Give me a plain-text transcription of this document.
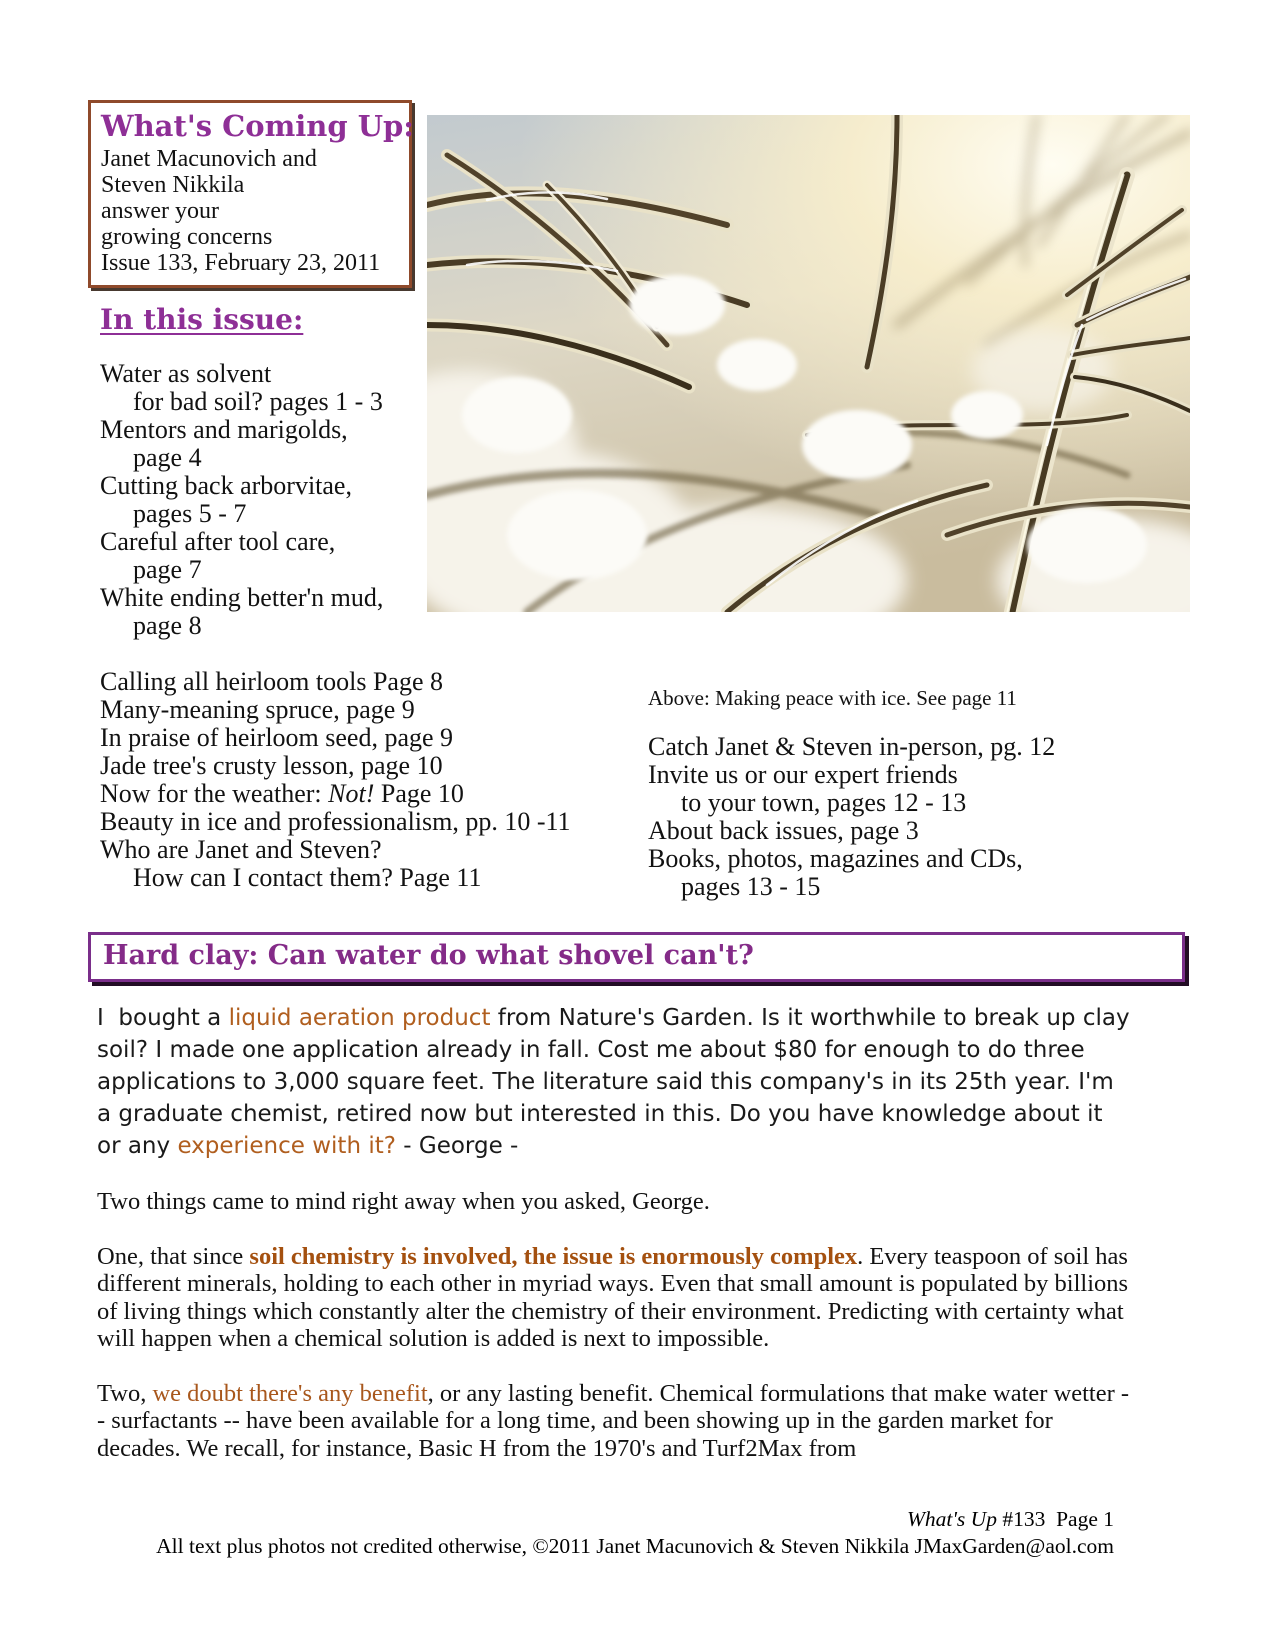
What's Coming Up:
Janet Macunovich and
Steven Nikkila
answer your
growing concerns
Issue 133, February 23, 2011
In this issue:
Water as solvent
for bad soil? pages 1 - 3
Mentors and marigolds,
page 4
Cutting back arborvitae,
pages 5 - 7
Careful after tool care,
page 7
White ending better'n mud,
page 8
Calling all heirloom tools Page 8
Many-meaning spruce, page 9
In praise of heirloom seed, page 9
Jade tree's crusty lesson, page 10
Now for the weather: Not! Page 10
Beauty in ice and professionalism, pp. 10 -11
Who are Janet and Steven?
How can I contact them? Page 11

Above: Making peace with ice. See page 11

Catch Janet & Steven in-person, pg. 12
Invite us or our expert friends
to your town, pages 12 - 13
About back issues, page 3
Books, photos, magazines and CDs,
pages 13 - 15
Hard clay: Can water do what shovel can't?

I  bought a liquid aeration product from Nature's Garden. Is it worthwhile to break up clay soil? I made one application already in fall. Cost me about $80 for enough to do three applications to 3,000 square feet. The literature said this company's in its 25th year. I'm a graduate chemist, retired now but interested in this. Do you have knowledge about it or any experience with it? - George -

Two things came to mind right away when you asked, George.

One, that since soil chemistry is involved, the issue is enormously complex. Every teaspoon of soil has different minerals, holding to each other in myriad ways. Even that small amount is populated by billions of living things which constantly alter the chemistry of their environment. Predicting with certainty what will happen when a chemical solution is added is next to impossible.

Two, we doubt there's any benefit, or any lasting benefit. Chemical formulations that make water wetter -- surfactants -- have been available for a long time, and been showing up in the garden market for decades. We recall, for instance, Basic H from the 1970's and Turf2Max from

What's Up #133  Page 1
All text plus photos not credited otherwise, ©2011 Janet Macunovich & Steven Nikkila JMaxGarden@aol.com
